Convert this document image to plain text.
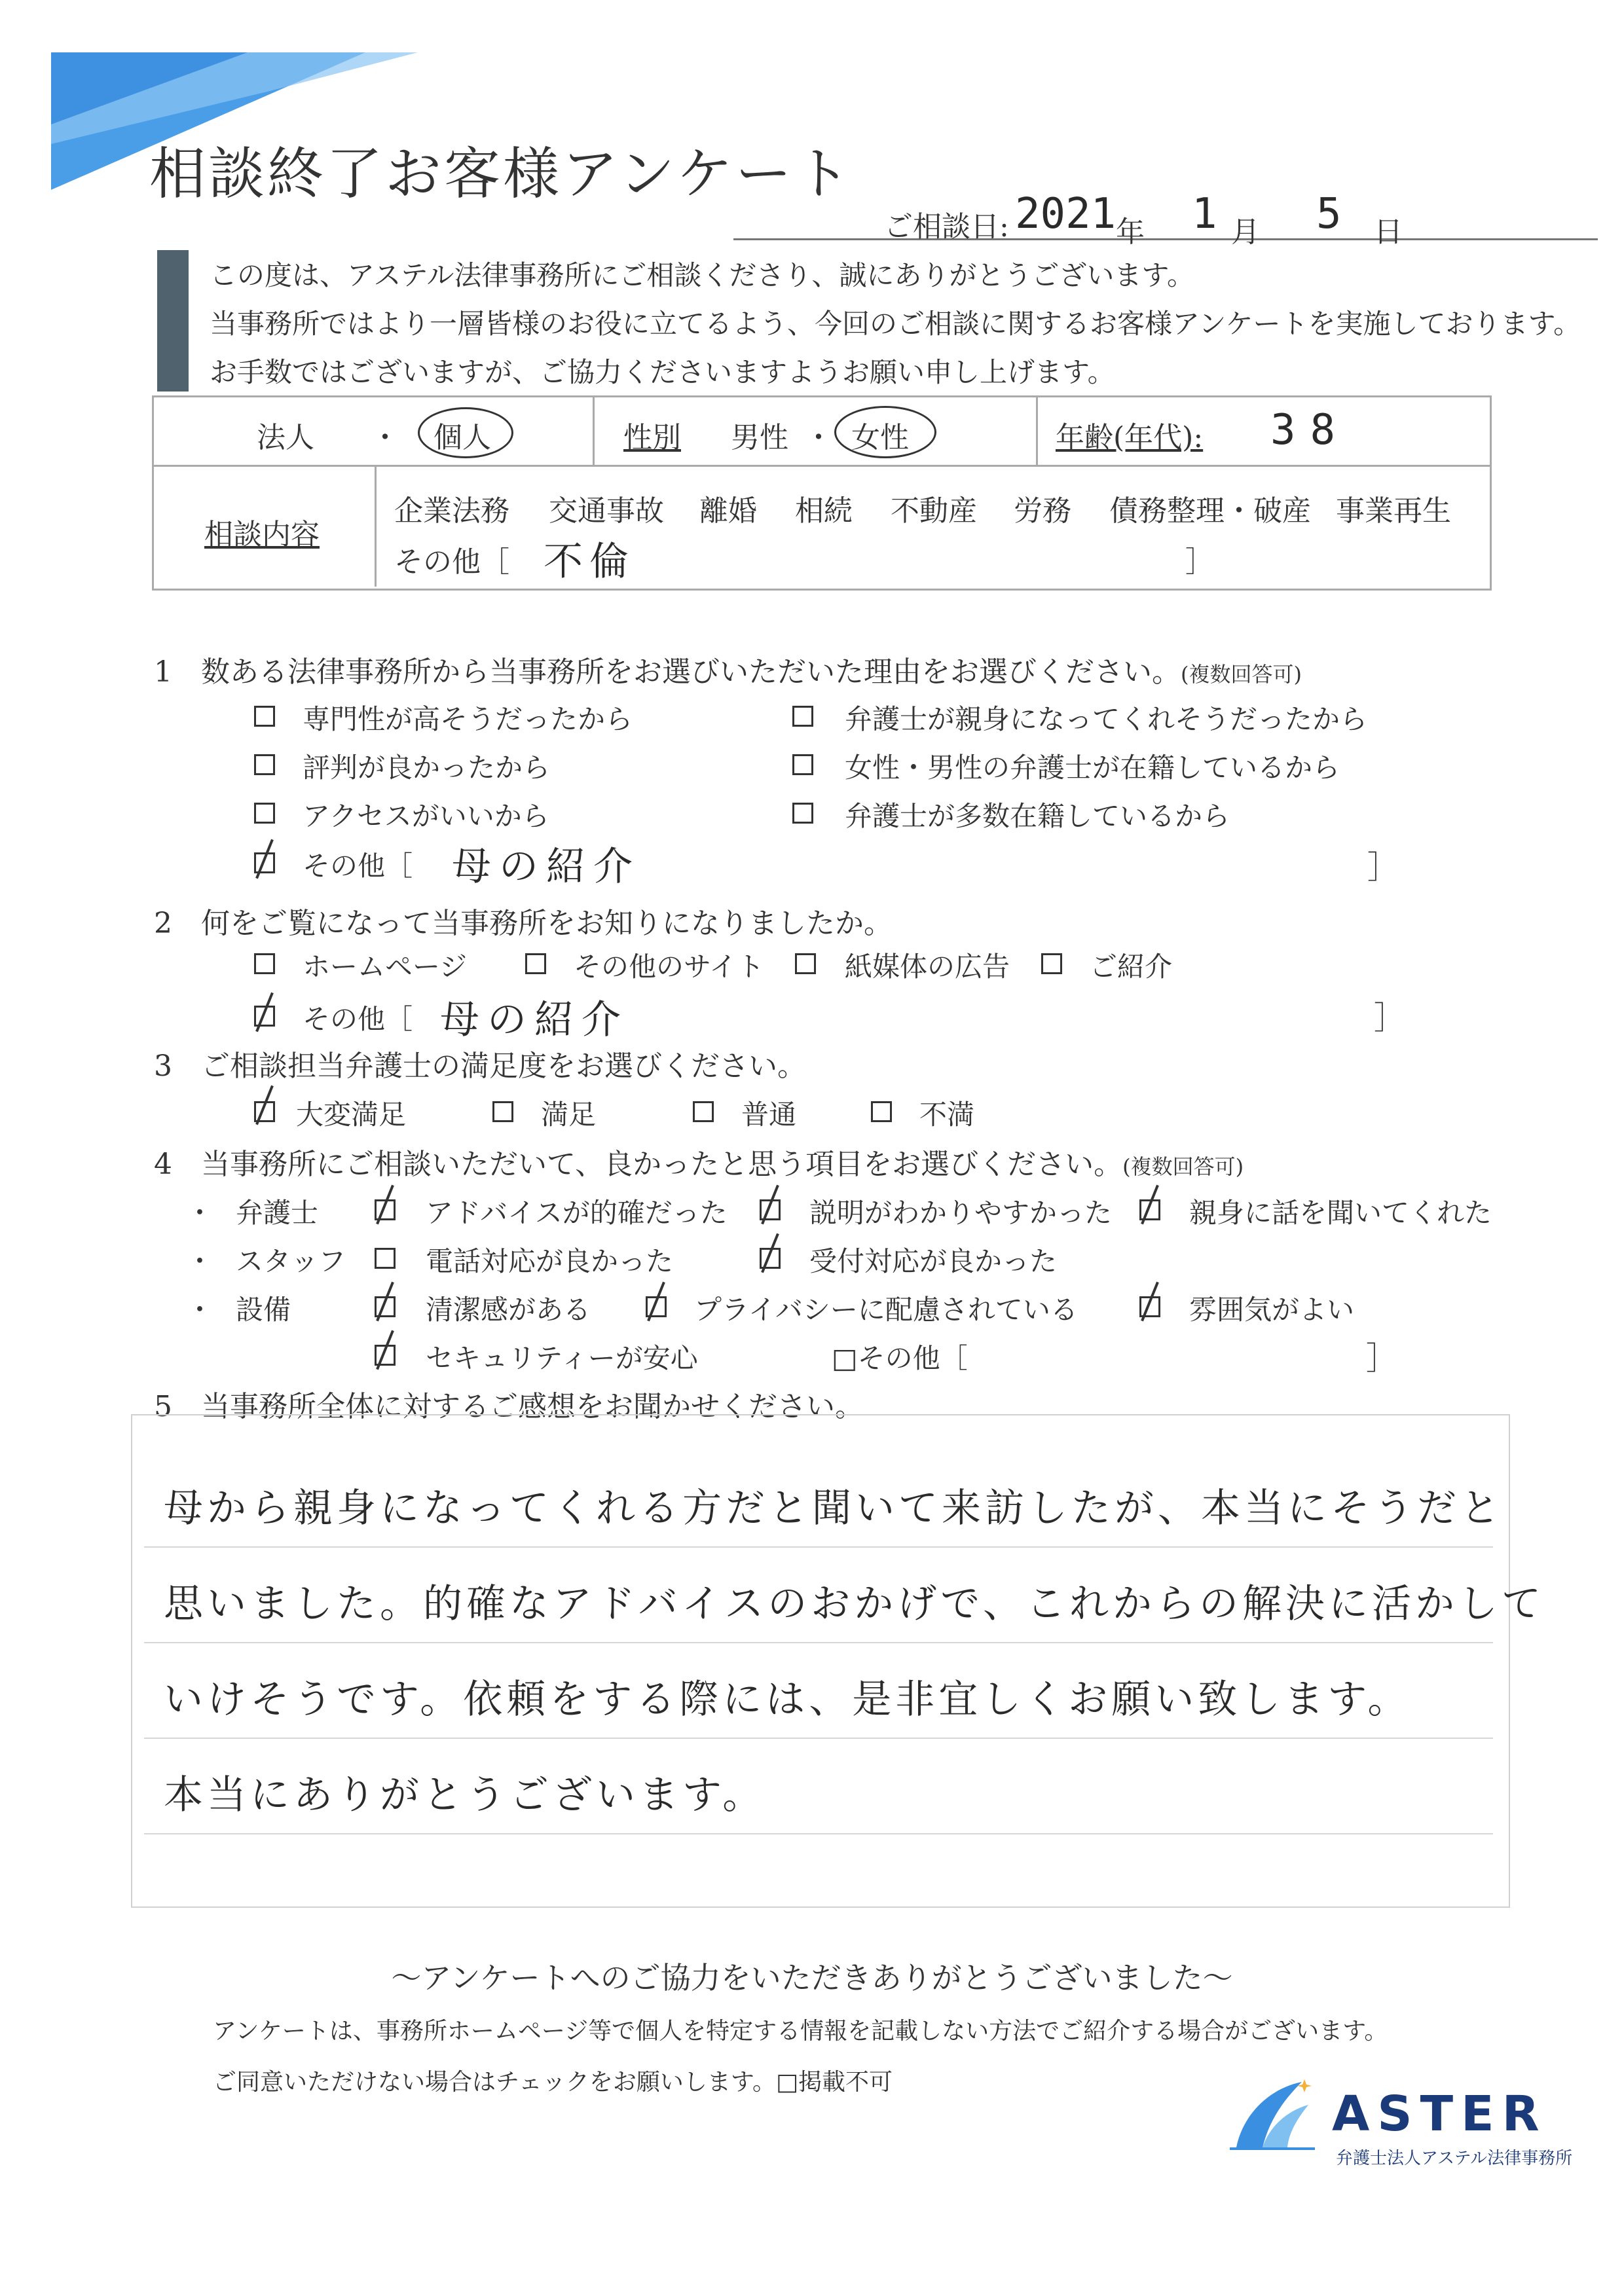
相談終了お客様アンケート
ご相談日: 2021 年 1 月 5 日
この度は、アステル法律事務所にご相談くださり、誠にありがとうございます。
当事務所ではより一層皆様のお役に立てるよう、今回のご相談に関するお客様アンケートを実施しております。
お手数ではございますが、ご協力くださいますようお願い申し上げます。
法人 ・ 個人	性別 男性 ・ 女性	年齢(年代): 38
相談内容
企業法務 交通事故 離婚 相続 不動産 労務 債務整理・破産 事業再生
その他［ 不倫	］
1　数ある法律事務所から当事務所をお選びいただいた理由をお選びください。(複数回答可)
専門性が高そうだったから	弁護士が親身になってくれそうだったから
評判が良かったから	女性・男性の弁護士が在籍しているから
アクセスがいいから	弁護士が多数在籍しているから
その他［ 母の紹介	］
2　何をご覧になって当事務所をお知りになりましたか。
ホームページ	その他のサイト	紙媒体の広告	ご紹介
その他［ 母の紹介	］
3　ご相談担当弁護士の満足度をお選びください。
大変満足	満足	普通	不満
4　当事務所にご相談いただいて、良かったと思う項目をお選びください。(複数回答可)
・ 弁護士	アドバイスが的確だった	説明がわかりやすかった	親身に話を聞いてくれた
・ スタッフ	電話対応が良かった	受付対応が良かった
・ 設備	清潔感がある	プライバシーに配慮されている	雰囲気がよい
セキュリティーが安心	□その他［	］
5　当事務所全体に対するご感想をお聞かせください。
母から親身になってくれる方だと聞いて来訪したが、本当にそうだと
思いました。的確なアドバイスのおかげで、これからの解決に活かして
いけそうです。依頼をする際には、是非宜しくお願い致します。
本当にありがとうございます。
～アンケートへのご協力をいただきありがとうございました～
アンケートは、事務所ホームページ等で個人を特定する情報を記載しない方法でご紹介する場合がございます。
ご同意いただけない場合はチェックをお願いします。□掲載不可
ASTER
弁護士法人アステル法律事務所
